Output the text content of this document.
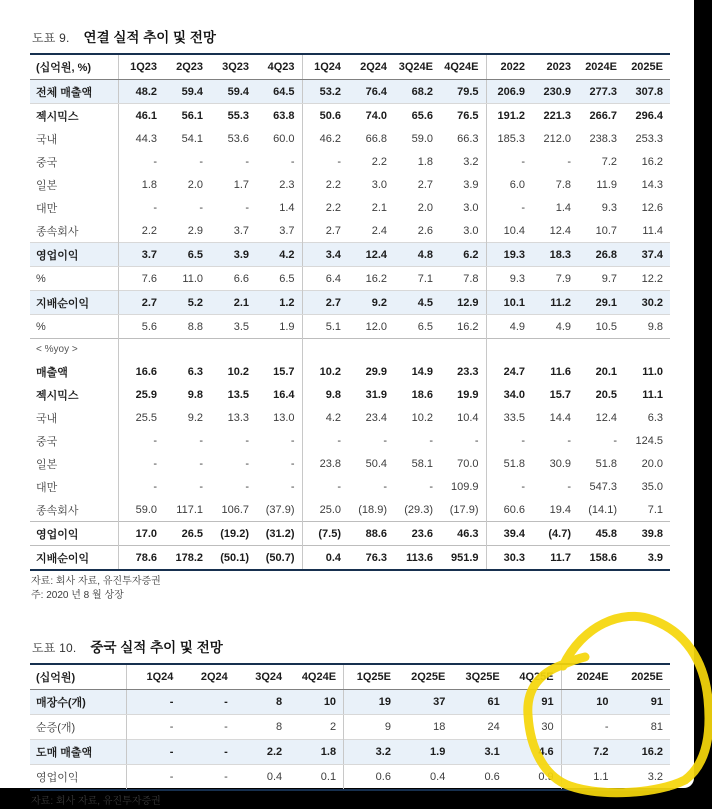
도표 9. 연결 실적 추이 및 전망
(십억원, %)	1Q23	2Q23	3Q23	4Q23	1Q24	2Q24	3Q24E	4Q24E	2022	2023	2024E	2025E
전체 매출액	48.2	59.4	59.4	64.5	53.2	76.4	68.2	79.5	206.9	230.9	277.3	307.8
젝시믹스	46.1	56.1	55.3	63.8	50.6	74.0	65.6	76.5	191.2	221.3	266.7	296.4
국내	44.3	54.1	53.6	60.0	46.2	66.8	59.0	66.3	185.3	212.0	238.3	253.3
중국	-	-	-	-	-	2.2	1.8	3.2	-	-	7.2	16.2
일본	1.8	2.0	1.7	2.3	2.2	3.0	2.7	3.9	6.0	7.8	11.9	14.3
대만	-	-	-	1.4	2.2	2.1	2.0	3.0	-	1.4	9.3	12.6
종속회사	2.2	2.9	3.7	3.7	2.7	2.4	2.6	3.0	10.4	12.4	10.7	11.4
영업이익	3.7	6.5	3.9	4.2	3.4	12.4	4.8	6.2	19.3	18.3	26.8	37.4
%	7.6	11.0	6.6	6.5	6.4	16.2	7.1	7.8	9.3	7.9	9.7	12.2
지배순이익	2.7	5.2	2.1	1.2	2.7	9.2	4.5	12.9	10.1	11.2	29.1	30.2
%	5.6	8.8	3.5	1.9	5.1	12.0	6.5	16.2	4.9	4.9	10.5	9.8
< %yoy >												
매출액	16.6	6.3	10.2	15.7	10.2	29.9	14.9	23.3	24.7	11.6	20.1	11.0
젝시믹스	25.9	9.8	13.5	16.4	9.8	31.9	18.6	19.9	34.0	15.7	20.5	11.1
국내	25.5	9.2	13.3	13.0	4.2	23.4	10.2	10.4	33.5	14.4	12.4	6.3
중국	-	-	-	-	-	-	-	-	-	-	-	124.5
일본	-	-	-	-	23.8	50.4	58.1	70.0	51.8	30.9	51.8	20.0
대만	-	-	-	-	-	-	-	109.9	-	-	547.3	35.0
종속회사	59.0	117.1	106.7	(37.9)	25.0	(18.9)	(29.3)	(17.9)	60.6	19.4	(14.1)	7.1
영업이익	17.0	26.5	(19.2)	(31.2)	(7.5)	88.6	23.6	46.3	39.4	(4.7)	45.8	39.8
지배순이익	78.6	178.2	(50.1)	(50.7)	0.4	76.3	113.6	951.9	30.3	11.7	158.6	3.9
자료: 회사 자료, 유진투자증권
주: 2020 년 8 월 상장
도표 10. 중국 실적 추이 및 전망
(십억원)	1Q24	2Q24	3Q24	4Q24E	1Q25E	2Q25E	3Q25E	4Q25E	2024E	2025E
매장수(개)	-	-	8	10	19	37	61	91	10	91
순증(개)	-	-	8	2	9	18	24	30	-	81
도매 매출액	-	-	2.2	1.8	3.2	1.9	3.1	4.6	7.2	16.2
영업이익	-	-	0.4	0.1	0.6	0.4	0.6	0.9	1.1	3.2
자료: 회사 자료, 유진투자증권
